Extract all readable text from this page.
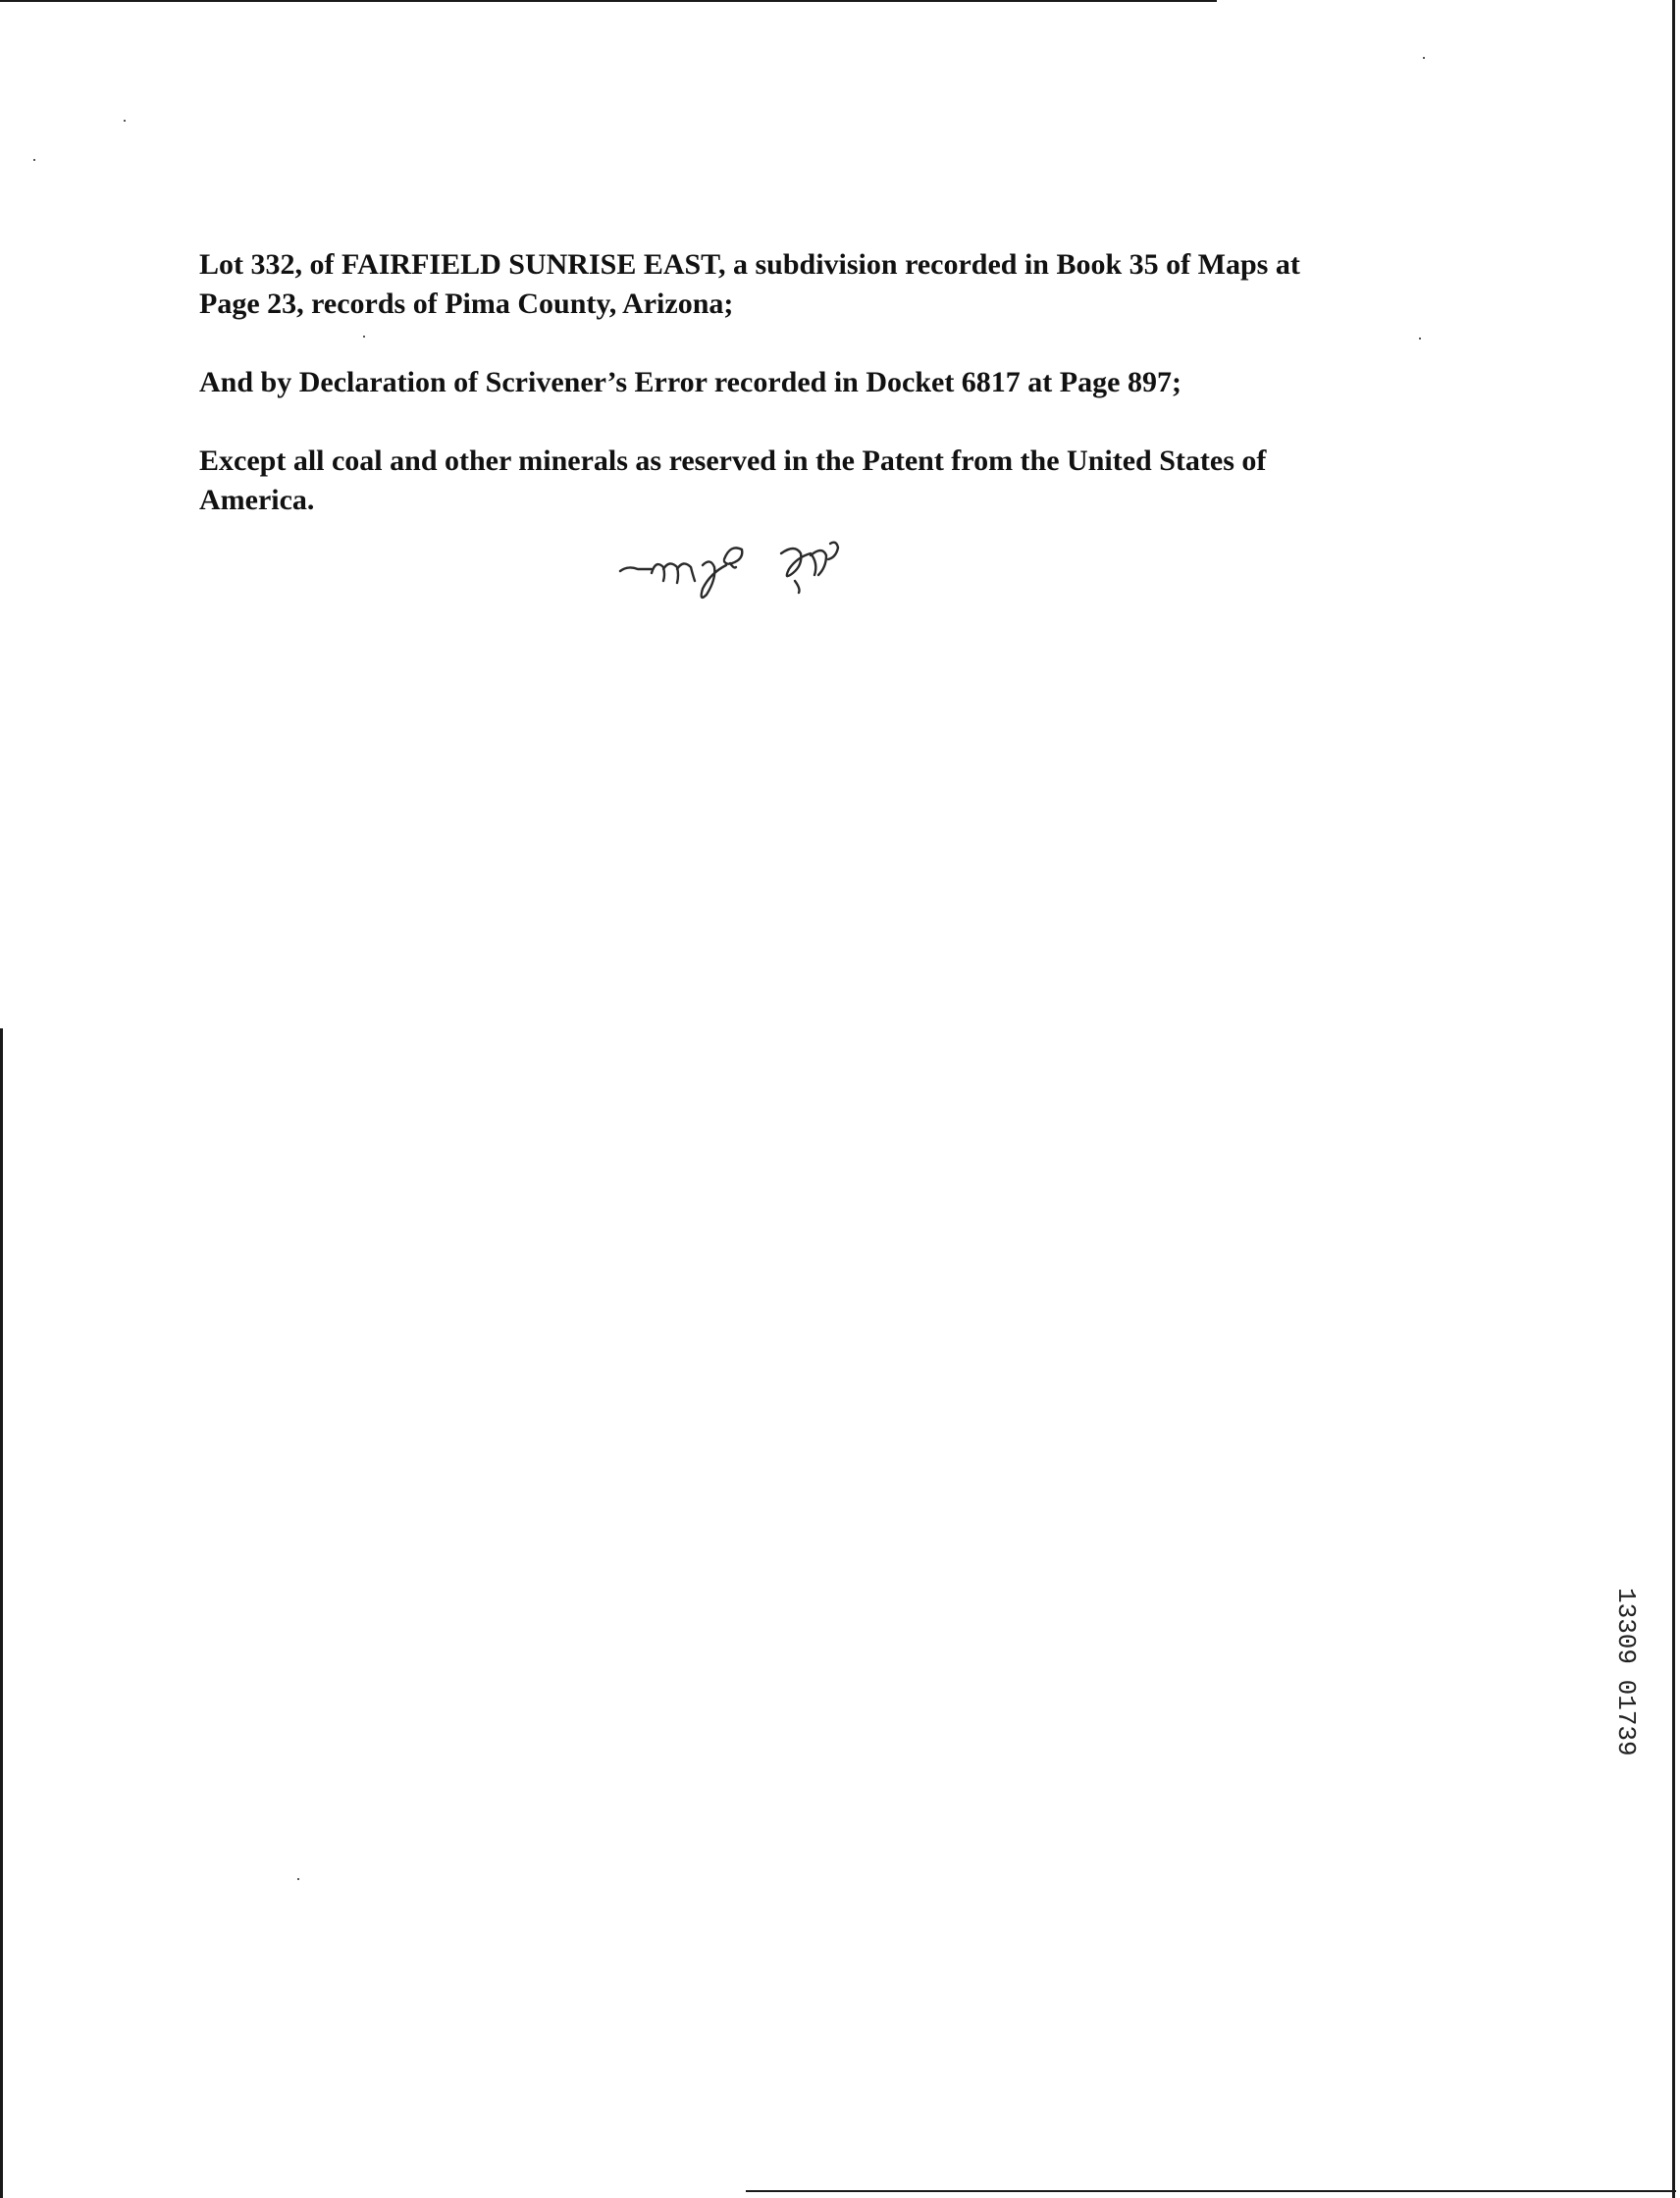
Lot 332, of FAIRFIELD SUNRISE EAST, a subdivision recorded in Book 35 of Maps at
Page 23, records of Pima County, Arizona;

And by Declaration of Scrivener’s Error recorded in Docket 6817 at Page 897;

Except all coal and other minerals as reserved in the Patent from the United States of
America.

13309 01739
